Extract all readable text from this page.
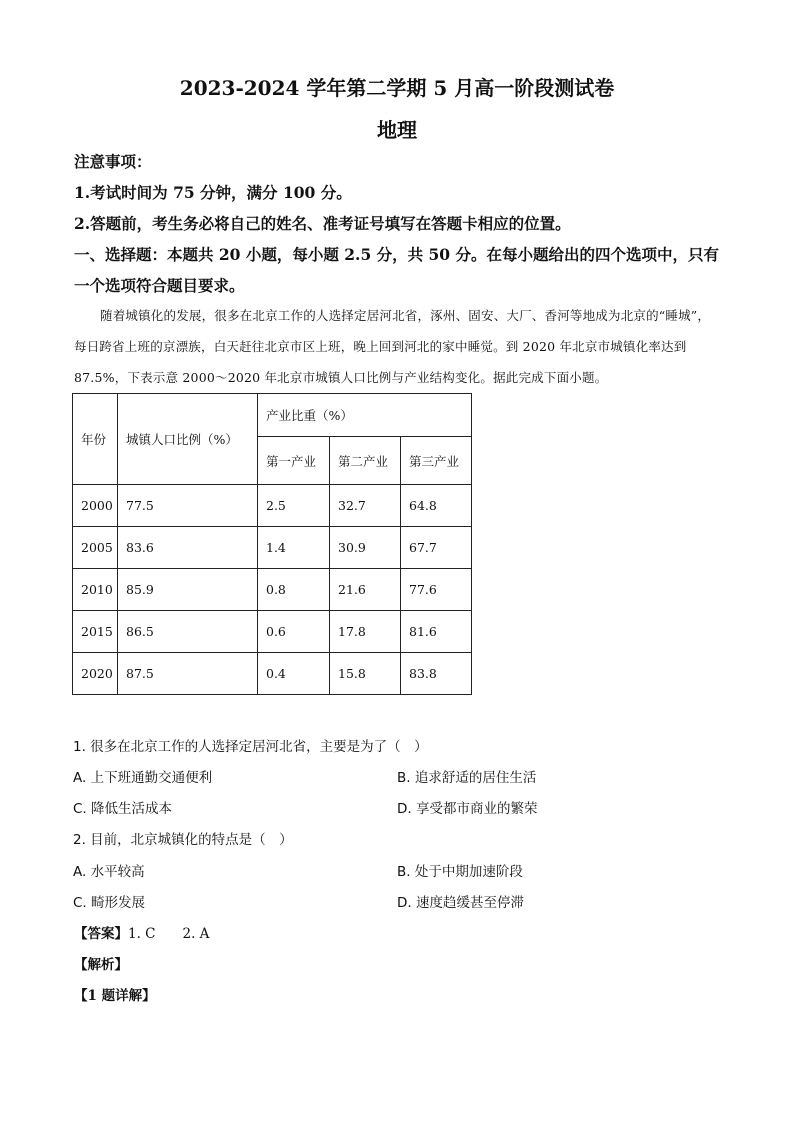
2023-2024 学年第二学期 5 月高一阶段测试卷
地理
注意事项：
1.考试时间为 75 分钟，满分 100 分。
2.答题前，考生务必将自己的姓名、准考证号填写在答题卡相应的位置。
一、选择题：本题共 20 小题，每小题 2.5 分，共 50 分。在每小题给出的四个选项中，只有
一个选项符合题目要求。
随着城镇化的发展，很多在北京工作的人选择定居河北省，涿州、固安、大厂、香河等地成为北京的“睡城”，每日跨省上班的京漂族，白天赶往北京市区上班，晚上回到河北的家中睡觉。到 2020 年北京市城镇化率达到 87.5%，下表示意 2000～2020 年北京市城镇人口比例与产业结构变化。据此完成下面小题。
年份	城镇人口比例（%）	产业比重（%）		
		第一产业	第二产业	第三产业
2000	77.5	2.5	32.7	64.8
2005	83.6	1.4	30.9	67.7
2010	85.9	0.8	21.6	77.6
2015	86.5	0.6	17.8	81.6
2020	87.5	0.4	15.8	83.8
1. 很多在北京工作的人选择定居河北省，主要是为了（　）
A. 上下班通勤交通便利	B. 追求舒适的居住生活
C. 降低生活成本	D. 享受都市商业的繁荣
2. 目前，北京城镇化的特点是（　）
A. 水平较高	B. 处于中期加速阶段
C. 畸形发展	D. 速度趋缓甚至停滞
【答案】1. C　　2. A
【解析】
【1 题详解】
